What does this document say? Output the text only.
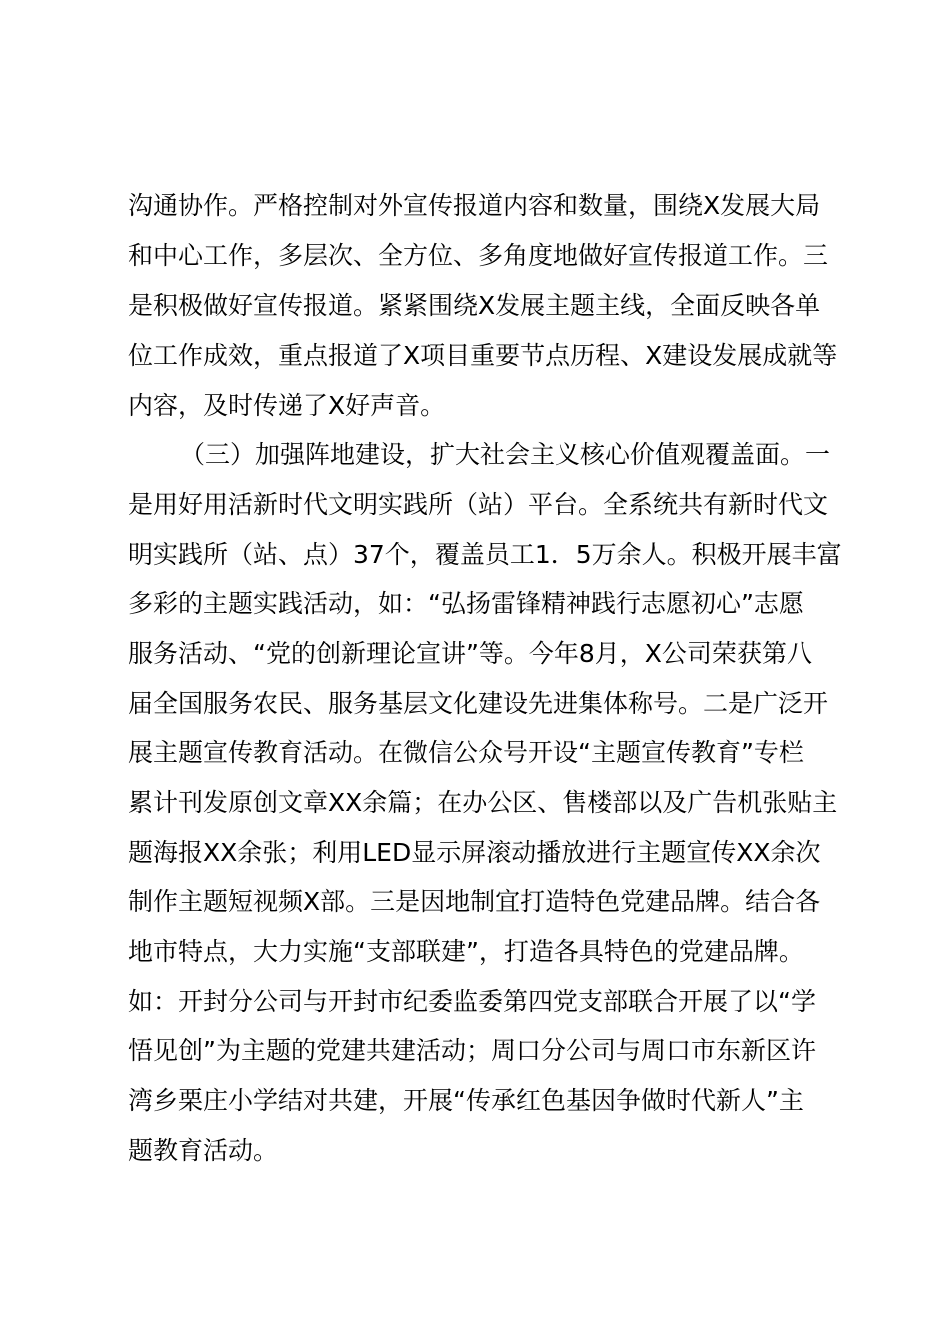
沟通协作。严格控制对外宣传报道内容和数量，围绕X发展大局
和中心工作，多层次、全方位、多角度地做好宣传报道工作。三
是积极做好宣传报道。紧紧围绕X发展主题主线，全面反映各单
位工作成效，重点报道了X项目重要节点历程、X建设发展成就等
内容，及时传递了X好声音。
（三）加强阵地建设，扩大社会主义核心价值观覆盖面。一
是用好用活新时代文明实践所（站）平台。全系统共有新时代文
明实践所（站、点）37个，覆盖员工1．5万余人。积极开展丰富
多彩的主题实践活动，如：“弘扬雷锋精神践行志愿初心”志愿
服务活动、“党的创新理论宣讲”等。今年8月，X公司荣获第八
届全国服务农民、服务基层文化建设先进集体称号。二是广泛开
展主题宣传教育活动。在微信公众号开设“主题宣传教育”专栏
累计刊发原创文章XX余篇；在办公区、售楼部以及广告机张贴主
题海报XX余张；利用LED显示屏滚动播放进行主题宣传XX余次
制作主题短视频X部。三是因地制宜打造特色党建品牌。结合各
地市特点，大力实施“支部联建”，打造各具特色的党建品牌。
如：开封分公司与开封市纪委监委第四党支部联合开展了以“学
悟见创”为主题的党建共建活动；周口分公司与周口市东新区许
湾乡栗庄小学结对共建，开展“传承红色基因争做时代新人”主
题教育活动。
